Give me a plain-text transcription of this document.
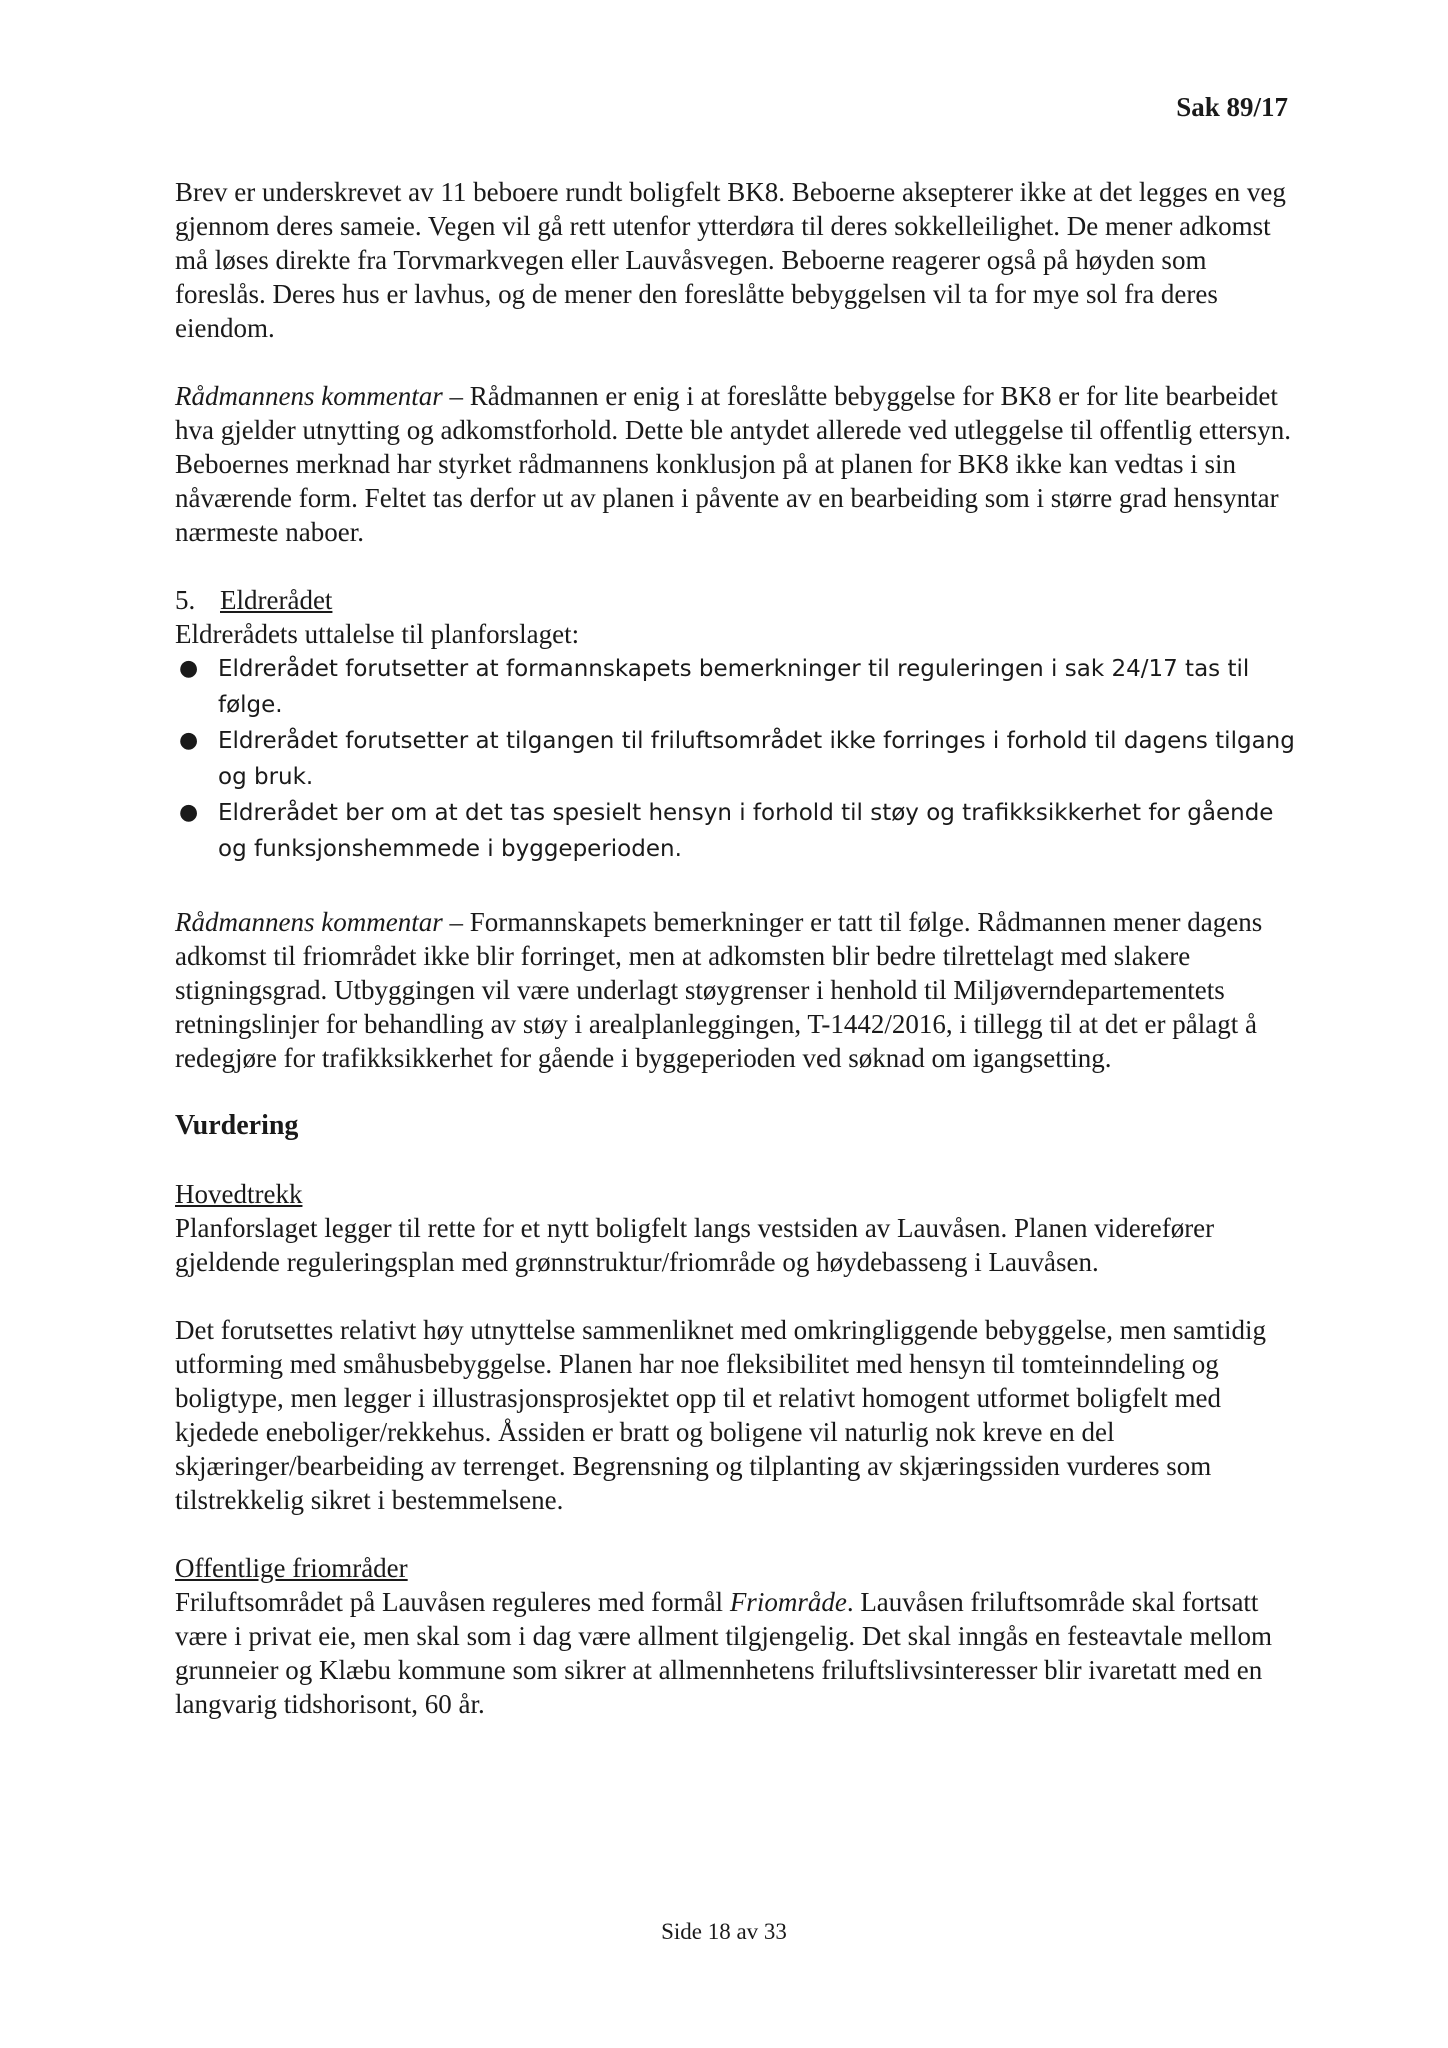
Sak 89/17

Brev er underskrevet av 11 beboere rundt boligfelt BK8. Beboerne aksepterer ikke at det legges en veg gjennom deres sameie. Vegen vil gå rett utenfor ytterdøra til deres sokkelleilighet. De mener adkomst må løses direkte fra Torvmarkvegen eller Lauvåsvegen. Beboerne reagerer også på høyden som foreslås. Deres hus er lavhus, og de mener den foreslåtte bebyggelsen vil ta for mye sol fra deres eiendom.

Rådmannens kommentar – Rådmannen er enig i at foreslåtte bebyggelse for BK8 er for lite bearbeidet hva gjelder utnytting og adkomstforhold. Dette ble antydet allerede ved utleggelse til offentlig ettersyn. Beboernes merknad har styrket rådmannens konklusjon på at planen for BK8 ikke kan vedtas i sin nåværende form. Feltet tas derfor ut av planen i påvente av en bearbeiding som i større grad hensyntar nærmeste naboer.

5. Eldrerådet

Eldrerådets uttalelse til planforslaget:

● Eldrerådet forutsetter at formannskapets bemerkninger til reguleringen i sak 24/17 tas til følge.
● Eldrerådet forutsetter at tilgangen til friluftsområdet ikke forringes i forhold til dagens tilgang og bruk.
● Eldrerådet ber om at det tas spesielt hensyn i forhold til støy og trafikksikkerhet for gående og funksjonshemmede i byggeperioden.

Rådmannens kommentar – Formannskapets bemerkninger er tatt til følge. Rådmannen mener dagens adkomst til friområdet ikke blir forringet, men at adkomsten blir bedre tilrettelagt med slakere stigningsgrad. Utbyggingen vil være underlagt støygrenser i henhold til Miljøverndepartementets retningslinjer for behandling av støy i arealplanleggingen, T-1442/2016, i tillegg til at det er pålagt å redegjøre for trafikksikkerhet for gående i byggeperioden ved søknad om igangsetting.

Vurdering

Hovedtrekk

Planforslaget legger til rette for et nytt boligfelt langs vestsiden av Lauvåsen. Planen viderefører gjeldende reguleringsplan med grønnstruktur/friområde og høydebasseng i Lauvåsen.

Det forutsettes relativt høy utnyttelse sammenliknet med omkringliggende bebyggelse, men samtidig utforming med småhusbebyggelse. Planen har noe fleksibilitet med hensyn til tomteinndeling og boligtype, men legger i illustrasjonsprosjektet opp til et relativt homogent utformet boligfelt med kjedede eneboliger/rekkehus. Åssiden er bratt og boligene vil naturlig nok kreve en del skjæringer/bearbeiding av terrenget. Begrensning og tilplanting av skjæringssiden vurderes som tilstrekkelig sikret i bestemmelsene.

Offentlige friområder

Friluftsområdet på Lauvåsen reguleres med formål Friområde. Lauvåsen friluftsområde skal fortsatt være i privat eie, men skal som i dag være allment tilgjengelig. Det skal inngås en festeavtale mellom grunneier og Klæbu kommune som sikrer at allmennhetens friluftslivsinteresser blir ivaretatt med en langvarig tidshorisont, 60 år.

Side 18 av 33
